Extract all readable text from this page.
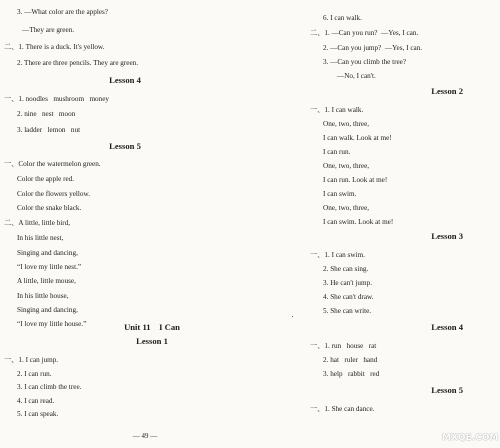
3. —What color are the apples?
—They are green.
二、1. There is a duck. It's yellow.
2. There are three pencils. They are green.
Lesson 4
一、1. noodles   mushroom   money
2. nine   nest   moon
3. ladder   lemon   nut
Lesson 5
一、Color the watermelon green.
Color the apple red.
Color the flowers yellow.
Color the snake black.
二、A little, little bird,
In his little nest,
Singing and dancing,
“I love my little nest.”
A little, little mouse,
In his little house,
Singing and dancing,
“I love my little house.”	Unit 11    I Can
Lesson 1
一、1. I can jump.
2. I can run.
3. I can climb the tree.
4. I can read.
5. I can speak.
6. I can walk.
二、1. —Can you run?  —Yes, I can.
2. —Can you jump?  —Yes, I can.
3. —Can you climb the tree?
—No, I can't.
Lesson 2
一、1. I can walk.
One, two, three,
I can walk. Look at me!
I can run.
One, two, three,
I can run. Look at me!
I can swim.
One, two, three,
I can swim. Look at me!
Lesson 3
一、1. I can swim.
2. She can sing.
3. He can't jump.
4. She can't draw.
5. She can write.
Lesson 4
一、1. run   house   rat
2. hat   ruler   hand
3. help   rabbit   red
Lesson 5
一、1. She can dance.
— 49 —	MXQE.COM
